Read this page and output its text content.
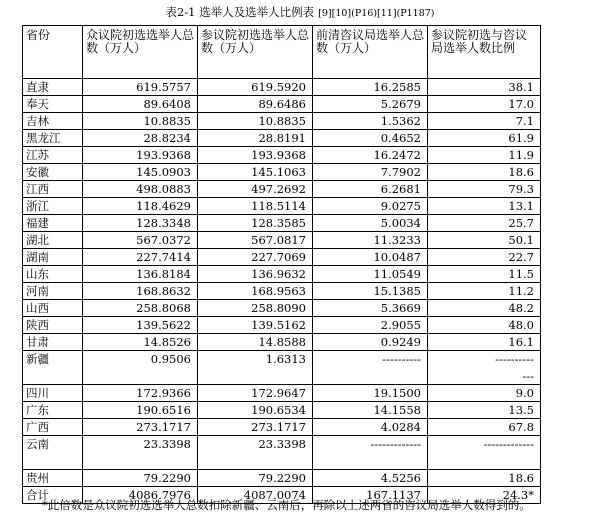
表2-1 选举人及选举人比例表 [9][10](P16)[11](P1187)
省份	众议院初选选举人总数（万人）	参议院初选选举人总数（万人）	前清咨议局选举人总数（万人）	参议院初选与咨议局选举人数比例
直隶	619.5757	619.5920	16.2585	38.1
奉天	89.6408	89.6486	5.2679	17.0
吉林	10.8835	10.8835	1.5362	7.1
黑龙江	28.8234	28.8191	0.4652	61.9
江苏	193.9368	193.9368	16.2472	11.9
安徽	145.0903	145.1063	7.7902	18.6
江西	498.0883	497.2692	6.2681	79.3
浙江	118.4629	118.5114	9.0275	13.1
福建	128.3348	128.3585	5.0034	25.7
湖北	567.0372	567.0817	11.3233	50.1
湖南	227.7414	227.7069	10.0487	22.7
山东	136.8184	136.9632	11.0549	11.5
河南	168.8632	168.9563	15.1385	11.2
山西	258.8068	258.8090	5.3669	48.2
陕西	139.5622	139.5162	2.9055	48.0
甘肃	14.8526	14.8588	0.9249	16.1
新疆	0.9506	1.6313	----------	----------
---

四川	172.9366	172.9647	19.1500	9.0
广东	190.6516	190.6534	14.1558	13.5
广西	273.1717	273.1717	4.0284	67.8
云南	23.3398	23.3398	-------------	-------------
贵州	79.2290	79.2290	4.5256	18.6
合计	4086.7976	4087.0074	167.1137	24.3*
*此倍数是众议院初选选举人总数扣除新疆、云南后，再除以上述两省的咨议局选举人数得到的。
